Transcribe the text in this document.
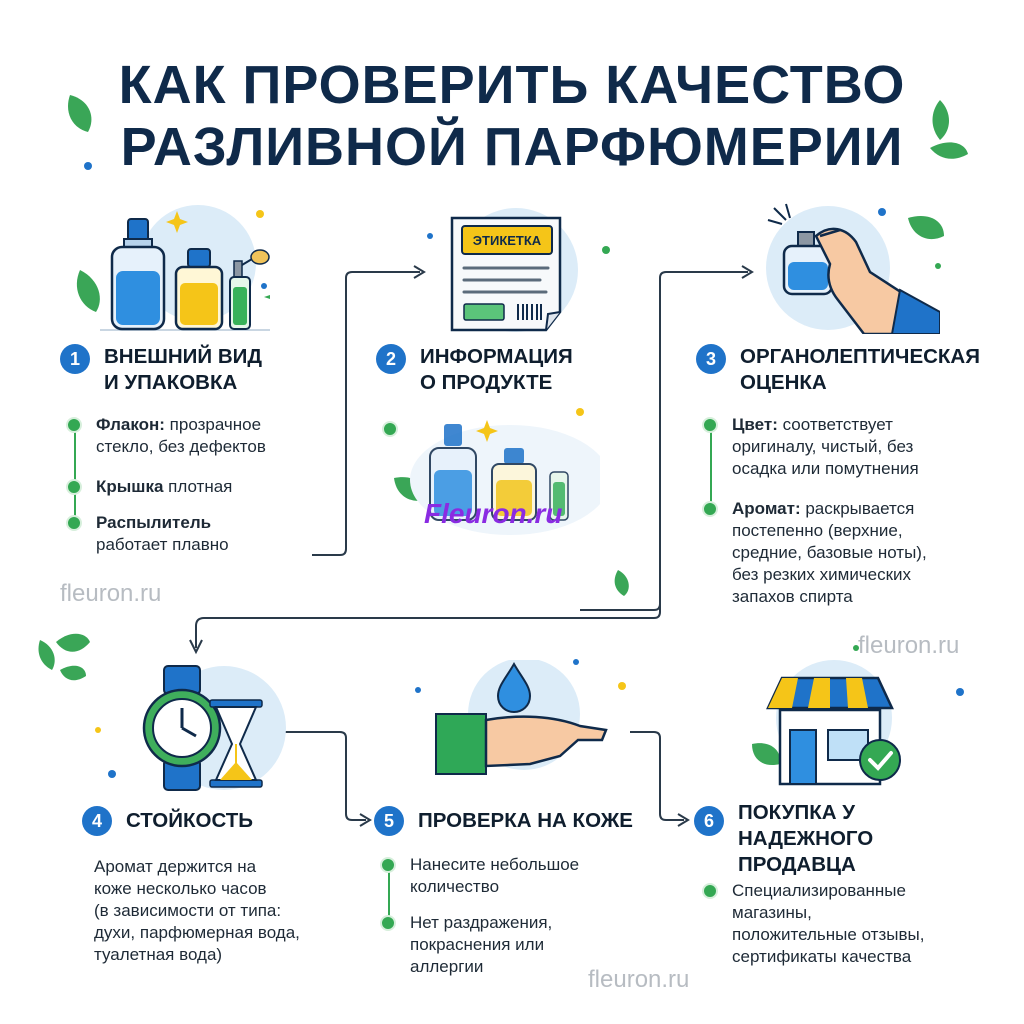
КАК ПРОВЕРИТЬ КАЧЕСТВО
РАЗЛИВНОЙ ПАРФЮМЕРИИ
ЭТИКЕТКА
Fleuron.ru
1	ВНЕШНИЙ ВИД
И УПАКОВКА
Флакон: прозрачное
стекло, без дефектов
Крышка плотная
Распылитель
работает плавно
fleuron.ru
2	ИНФОРМАЦИЯ
О ПРОДУКТЕ
3	ОРГАНОЛЕПТИЧЕСКАЯ
ОЦЕНКА
Цвет: соответствует
оригиналу, чистый, без
осадка или помутнения
Аромат: раскрывается
постепенно (верхние,
средние, базовые ноты),
без резких химических
запахов спирта
fleuron.ru
4	СТОЙКОСТЬ
Аромат держится на
коже несколько часов
(в зависимости от типа:
духи, парфюмерная вода,
туалетная вода)
5	ПРОВЕРКА НА КОЖЕ
Нанесите небольшое
количество
Нет раздражения,
покраснения или
аллергии	fleuron.ru
6	ПОКУПКА У
НАДЕЖНОГО
ПРОДАВЦА
Специализированные
магазины,
положительные отзывы,
сертификаты качества
